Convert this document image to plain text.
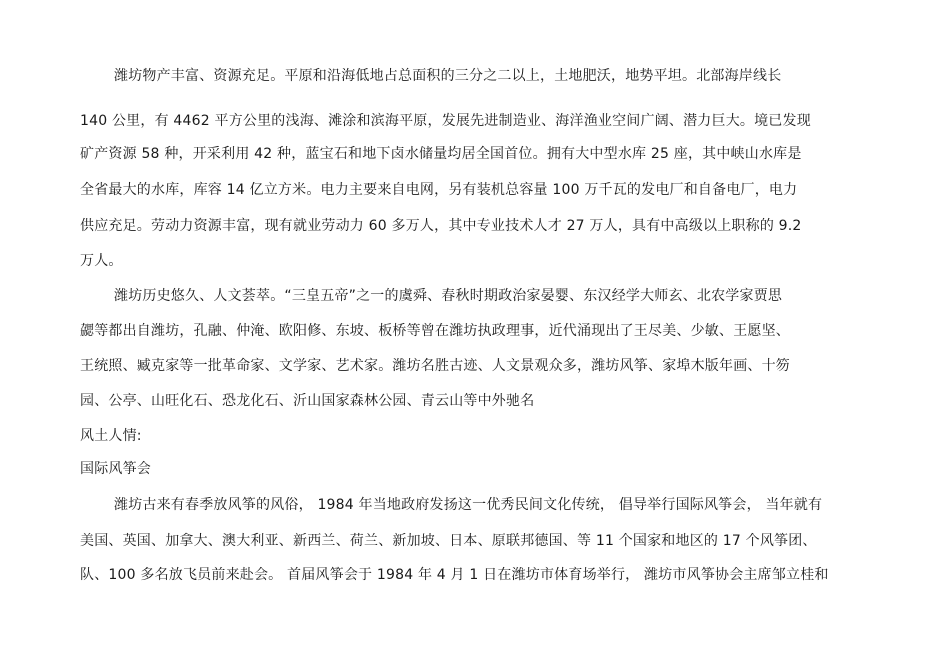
潍坊物产丰富、资源充足。平原和沿海低地占总面积的三分之二以上，土地肥沃，地势平坦。北部海岸线长
140 公里，有 4462 平方公里的浅海、滩涂和滨海平原，发展先进制造业、海洋渔业空间广阔、潜力巨大。境已发现
矿产资源 58 种，开采利用 42 种，蓝宝石和地下卤水储量均居全国首位。拥有大中型水库 25 座，其中峡山水库是
全省最大的水库，库容 14 亿立方米。电力主要来自电网，另有装机总容量 100 万千瓦的发电厂和自备电厂，电力
供应充足。劳动力资源丰富，现有就业劳动力 60 多万人，其中专业技术人才 27 万人，具有中高级以上职称的 9.2
万人。
潍坊历史悠久、人文荟萃。“三皇五帝”之一的虞舜、春秋时期政治家晏婴、东汉经学大师玄、北农学家贾思
勰等都出自潍坊，孔融、仲淹、欧阳修、东坡、板桥等曾在潍坊执政理事，近代涌现出了王尽美、少敏、王愿坚、
王统照、臧克家等一批革命家、文学家、艺术家。潍坊名胜古迹、人文景观众多，潍坊风筝、家埠木版年画、十笏
园、公亭、山旺化石、恐龙化石、沂山国家森林公园、青云山等中外驰名
风土人情:
国际风筝会
潍坊古来有春季放风筝的风俗， 1984 年当地政府发扬这一优秀民间文化传统， 倡导举行国际风筝会， 当年就有
美国、英国、加拿大、澳大利亚、新西兰、荷兰、新加坡、日本、原联邦德国、等 11 个国家和地区的 17 个风筝团、
队、100 多名放飞员前来赴会。 首届风筝会于 1984 年 4 月 1 日在潍坊市体育场举行， 潍坊市风筝协会主席邹立桂和
